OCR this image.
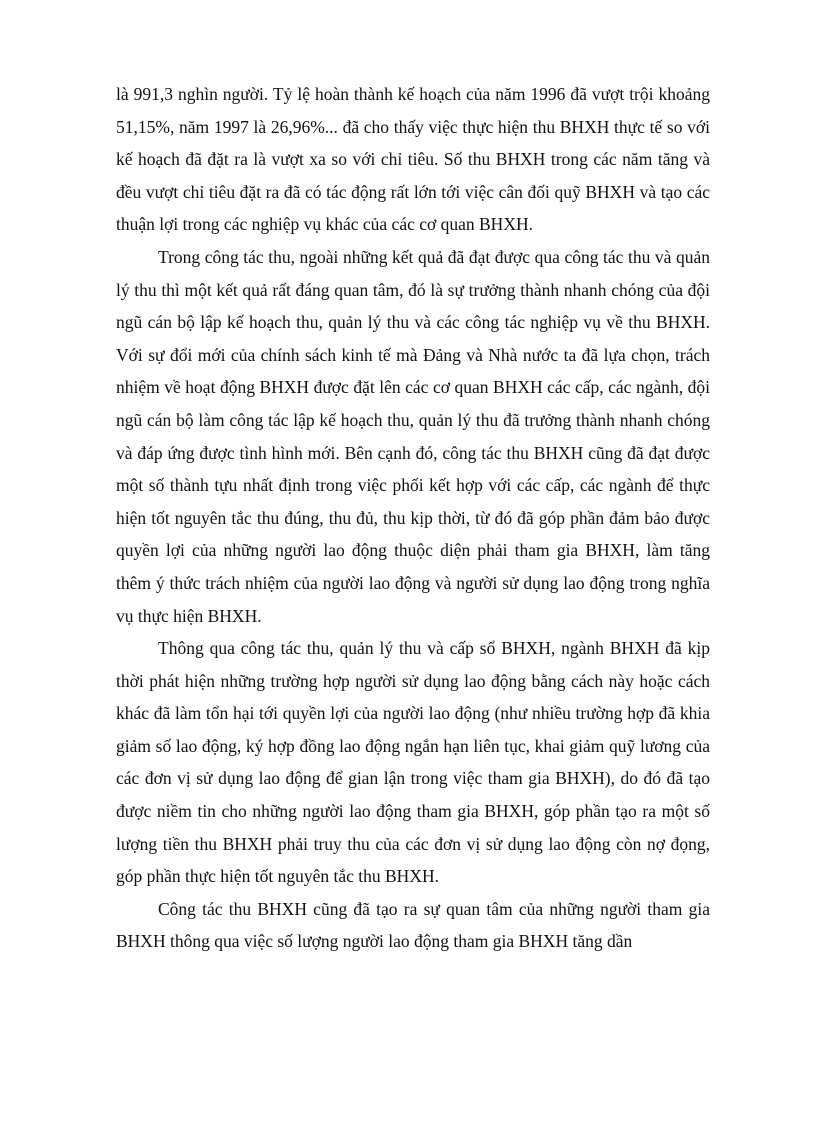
là 991,3 nghìn người. Tỷ lệ hoàn thành kế hoạch của năm 1996 đã vượt trội khoảng 51,15%, năm 1997 là 26,96%... đã cho thấy việc thực hiện thu BHXH thực tế so với kế hoạch đã đặt ra là vượt xa so với chỉ tiêu. Số thu BHXH trong các năm tăng và đều vượt chỉ tiêu đặt ra đã có tác động rất lớn tới việc cân đối quỹ BHXH và tạo các thuận lợi trong các nghiệp vụ khác của các cơ quan BHXH.

Trong công tác thu, ngoài những kết quả đã đạt được qua công tác thu và quản lý thu thì một kết quả rất đáng quan tâm, đó là sự trưởng thành nhanh chóng của đội ngũ cán bộ lập kế hoạch thu, quản lý thu và các công tác nghiệp vụ về thu BHXH. Với sự đổi mới của chính sách kinh tế mà Đảng và Nhà nước ta đã lựa chọn, trách nhiệm về hoạt động BHXH được đặt lên các cơ quan BHXH các cấp, các ngành, đội ngũ cán bộ làm công tác lập kế hoạch thu, quản lý thu đã trưởng thành nhanh chóng và đáp ứng được tình hình mới. Bên cạnh đó, công tác thu BHXH cũng đã đạt được một số thành tựu nhất định trong việc phối kết hợp với các cấp, các ngành để thực hiện tốt nguyên tắc thu đúng, thu đủ, thu kịp thời, từ đó đã góp phần đảm bảo được quyền lợi của những người lao động thuộc diện phải tham gia BHXH, làm tăng thêm ý thức trách nhiệm của người lao động và người sử dụng lao động trong nghĩa vụ thực hiện BHXH.

Thông qua công tác thu, quản lý thu và cấp sổ BHXH, ngành BHXH đã kịp thời phát hiện những trường hợp người sử dụng lao động bằng cách này hoặc cách khác đã làm tổn hại tới quyền lợi của người lao động (như nhiều trường hợp đã khia giảm số lao động, ký hợp đồng lao động ngắn hạn liên tục, khai giảm quỹ lương của các đơn vị sử dụng lao động để gian lận trong việc tham gia BHXH), do đó đã tạo được niềm tin cho những người lao động tham gia BHXH, góp phần tạo ra một số lượng tiền thu BHXH phải truy thu của các đơn vị sử dụng lao động còn nợ đọng, góp phần thực hiện tốt nguyên tắc thu BHXH.

Công tác thu BHXH cũng đã tạo ra sự quan tâm của những người tham gia BHXH thông qua việc số lượng người lao động tham gia BHXH tăng dần
